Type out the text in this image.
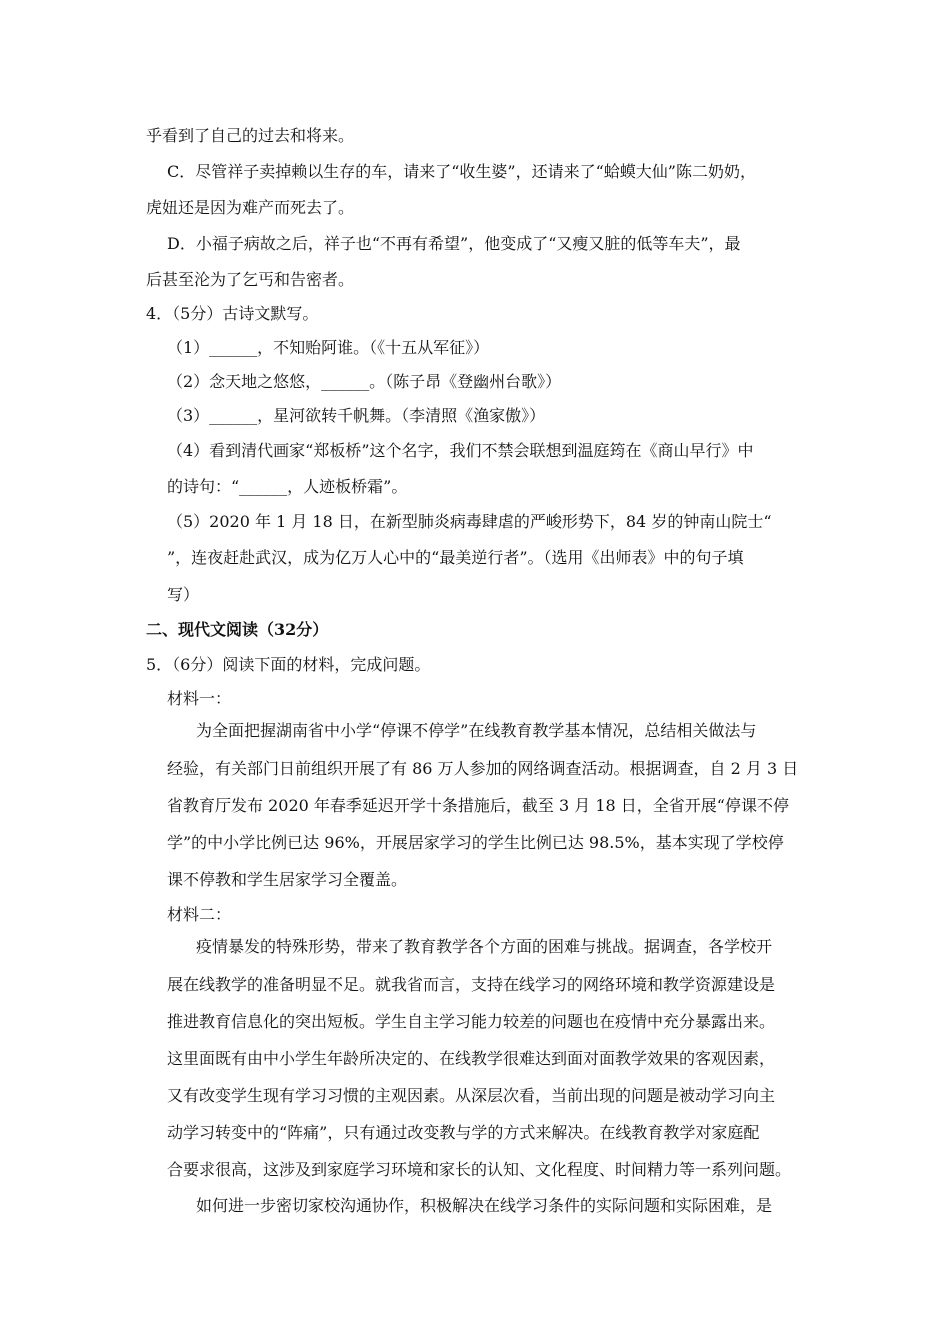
乎看到了自己的过去和将来。
C．尽管祥子卖掉赖以生存的车，请来了“收生婆”，还请来了“蛤蟆大仙”陈二奶奶，
虎妞还是因为难产而死去了。
D．小福子病故之后，祥子也“不再有希望”，他变成了“又瘦又脏的低等车夫”，最
后甚至沦为了乞丐和告密者。
4．（5分）古诗文默写。
（1）______，不知贻阿谁。（《十五从军征》）
（2）念天地之悠悠，______。（陈子昂《登幽州台歌》）
（3）______，星河欲转千帆舞。（李清照《渔家傲》）
（4）看到清代画家“郑板桥”这个名字，我们不禁会联想到温庭筠在《商山早行》中
的诗句：“______，人迹板桥霜”。
（5）2020 年 1 月 18 日，在新型肺炎病毒肆虐的严峻形势下，84 岁的钟南山院士“
”，连夜赶赴武汉，成为亿万人心中的“最美逆行者”。（选用《出师表》中的句子填
写）
二、现代文阅读（32分）
5．（6分）阅读下面的材料，完成问题。
材料一：
为全面把握湖南省中小学“停课不停学”在线教育教学基本情况，总结相关做法与
经验，有关部门日前组织开展了有 86 万人参加的网络调查活动。根据调查，自 2 月 3 日
省教育厅发布 2020 年春季延迟开学十条措施后，截至 3 月 18 日，全省开展“停课不停
学”的中小学比例已达 96%，开展居家学习的学生比例已达 98.5%，基本实现了学校停
课不停教和学生居家学习全覆盖。
材料二：
疫情暴发的特殊形势，带来了教育教学各个方面的困难与挑战。据调查，各学校开
展在线教学的准备明显不足。就我省而言，支持在线学习的网络环境和教学资源建设是
推进教育信息化的突出短板。学生自主学习能力较差的问题也在疫情中充分暴露出来。
这里面既有由中小学生年龄所决定的、在线教学很难达到面对面教学效果的客观因素，
又有改变学生现有学习习惯的主观因素。从深层次看，当前出现的问题是被动学习向主
动学习转变中的“阵痛”，只有通过改变教与学的方式来解决。在线教育教学对家庭配
合要求很高，这涉及到家庭学习环境和家长的认知、文化程度、时间精力等一系列问题。
如何进一步密切家校沟通协作，积极解决在线学习条件的实际问题和实际困难，是
